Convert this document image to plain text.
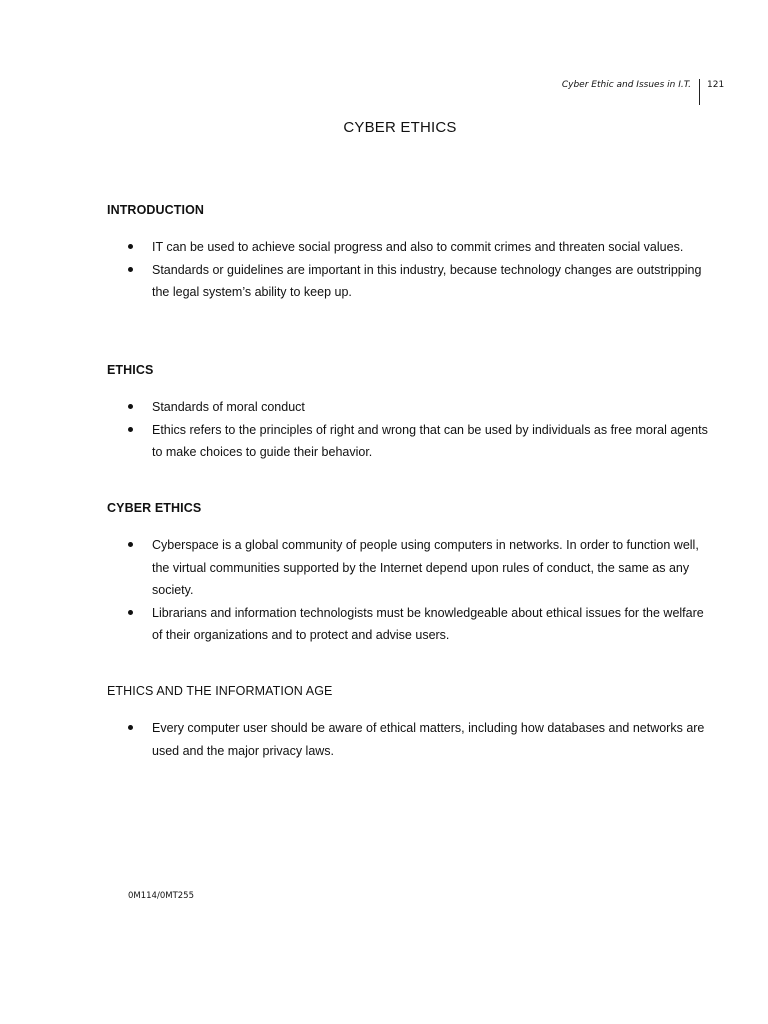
Cyber Ethic and Issues in I.T. 121
CYBER ETHICS
INTRODUCTION
IT can be used to achieve social progress and also to commit crimes and threaten social values.
Standards or guidelines are important in this industry, because technology changes are outstripping the legal system’s ability to keep up.
ETHICS
Standards of moral conduct
Ethics refers to the principles of right and wrong that can be used by individuals as free moral agents to make choices to guide their behavior.
CYBER ETHICS
Cyberspace is a global community of people using computers in networks. In order to function well, the virtual communities supported by the Internet depend upon rules of conduct, the same as any society.
Librarians and information technologists must be knowledgeable about ethical issues for the welfare of their organizations and to protect and advise users.
ETHICS AND THE INFORMATION AGE
Every computer user should be aware of ethical matters, including how databases and networks are used and the major privacy laws.
0M114/0MT255
